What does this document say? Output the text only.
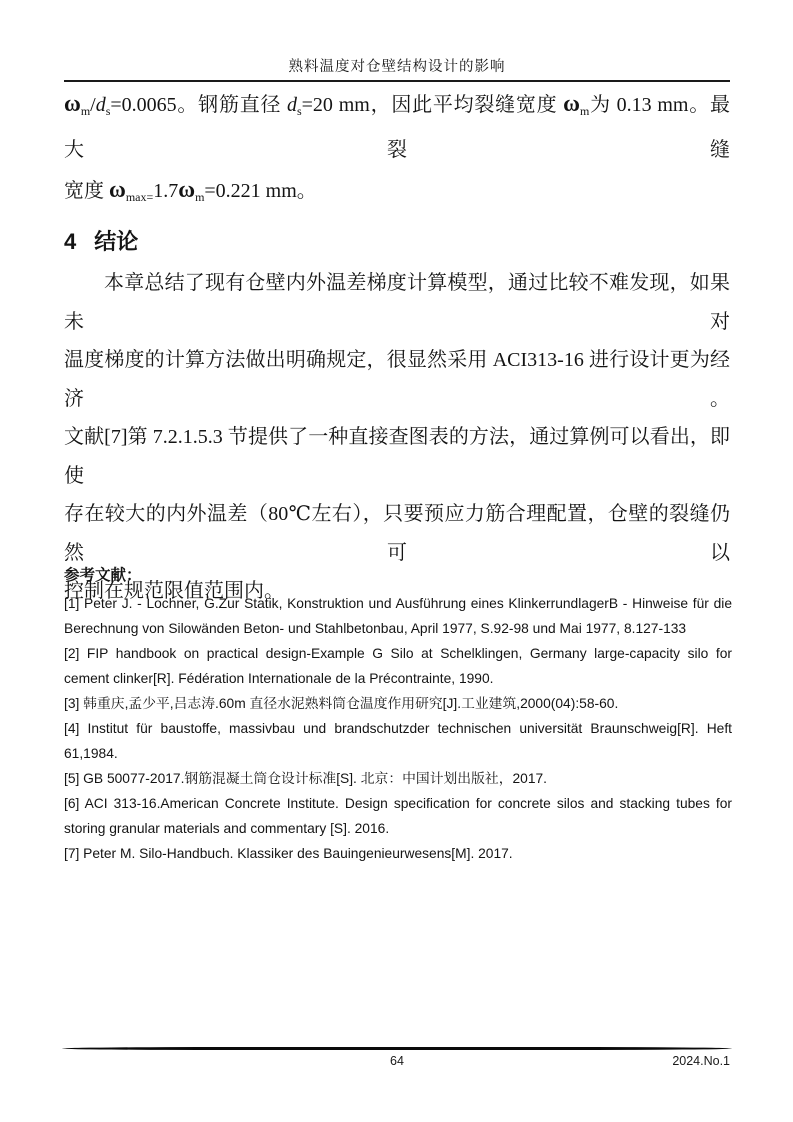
熟料温度对仓壁结构设计的影响
$\omega_m/d_s=0.0065$。钢筋直径 $d_s=20$ mm，因此平均裂缝宽度 $\omega_m$为 0.13 mm。最大裂缝
宽度 $\omega_{max=}1.7\omega_m=0.221$ mm。
4 结论
本章总结了现有仓壁内外温差梯度计算模型，通过比较不难发现，如果未对
温度梯度的计算方法做出明确规定，很显然采用 ACI313-16 进行设计更为经济。
文献[7]第 7.2.1.5.3 节提供了一种直接查图表的方法，通过算例可以看出，即使
存在较大的内外温差（80℃左右），只要预应力筋合理配置，仓壁的裂缝仍然可以
控制在规范限值范围内。
参考文献：
[1] Peter J. - Lochner, G.Zur Statik, Konstruktion und Ausführung eines KlinkerrundlagerB - Hinweise für die Berechnung von Silowänden Beton- und Stahlbetonbau, April 1977, S.92-98 und Mai 1977, 8.127-133
[2] FIP handbook on practical design-Example G Silo at Schelklingen, Germany large-capacity silo for cement clinker[R]. Fédération Internationale de la Précontrainte, 1990.
[3] 韩重庆,孟少平,吕志涛.60m 直径水泥熟料筒仓温度作用研究[J].工业建筑,2000(04):58-60.
[4] Institut für baustoffe, massivbau und brandschutzder technischen universität Braunschweig[R]. Heft 61,1984.
[5] GB 50077-2017.钢筋混凝土筒仓设计标准[S]. 北京：中国计划出版社，2017.
[6] ACI 313-16.American Concrete Institute. Design specification for concrete silos and stacking tubes for storing granular materials and commentary [S]. 2016.
[7] Peter M. Silo-Handbuch. Klassiker des Bauingenieurwesens[M]. 2017.
64	2024.No.1
